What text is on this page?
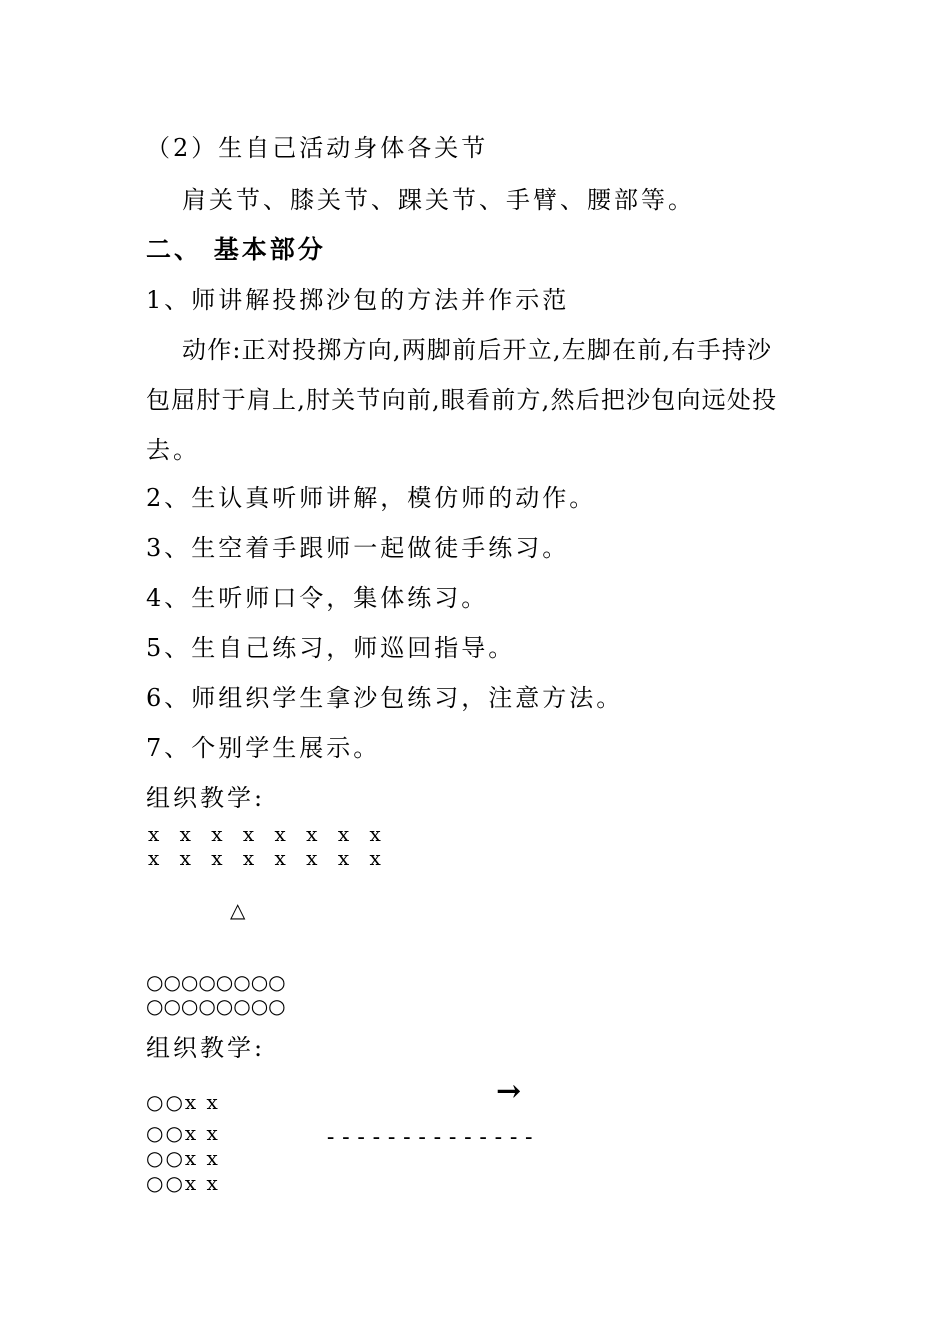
（2）生自己活动身体各关节
肩关节、膝关节、踝关节、手臂、腰部等。
二、 基本部分
1、师讲解投掷沙包的方法并作示范
动作:正对投掷方向,两脚前后开立,左脚在前,右手持沙
包屈肘于肩上,肘关节向前,眼看前方,然后把沙包向远处投
去。
2、生认真听师讲解，模仿师的动作。
3、生空着手跟师一起做徒手练习。
4、生听师口令，集体练习。
5、生自己练习，师巡回指导。
6、师组织学生拿沙包练习，注意方法。
7、个别学生展示。
组织教学:
x x x x x x x x
x x x x x x x x
△
○○○○○○○○
○○○○○○○○
组织教学:
○○x x	→
○○x x	--------------
○○x x
○○x x
